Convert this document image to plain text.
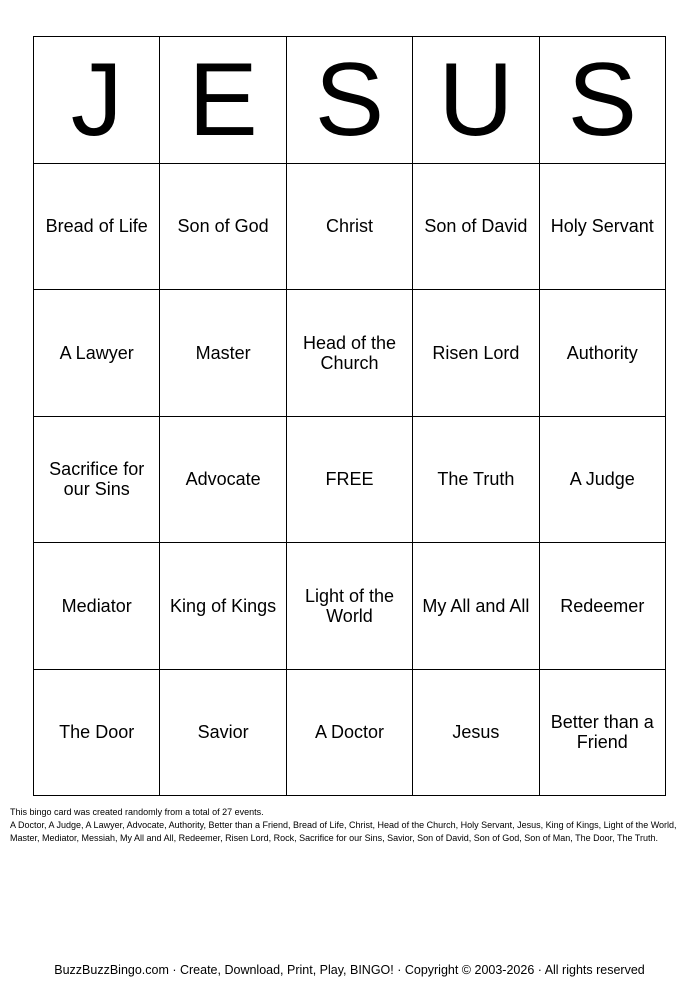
J E S U S
Bread of Life	Son of God	Christ	Son of David	Holy Servant
A Lawyer	Master	Head of the Church	Risen Lord	Authority
Sacrifice for our Sins	Advocate	FREE	The Truth	A Judge
Mediator	King of Kings	Light of the World	My All and All	Redeemer
The Door	Savior	A Doctor	Jesus	Better than a Friend
This bingo card was created randomly from a total of 27 events.
A Doctor, A Judge, A Lawyer, Advocate, Authority, Better than a Friend, Bread of Life, Christ, Head of the Church, Holy Servant, Jesus, King of Kings, Light of the World, Master, Mediator, Messiah, My All and All, Redeemer, Risen Lord, Rock, Sacrifice for our Sins, Savior, Son of David, Son of God, Son of Man, The Door, The Truth.
BuzzBuzzBingo.com · Create, Download, Print, Play, BINGO! · Copyright © 2003-2026 · All rights reserved
